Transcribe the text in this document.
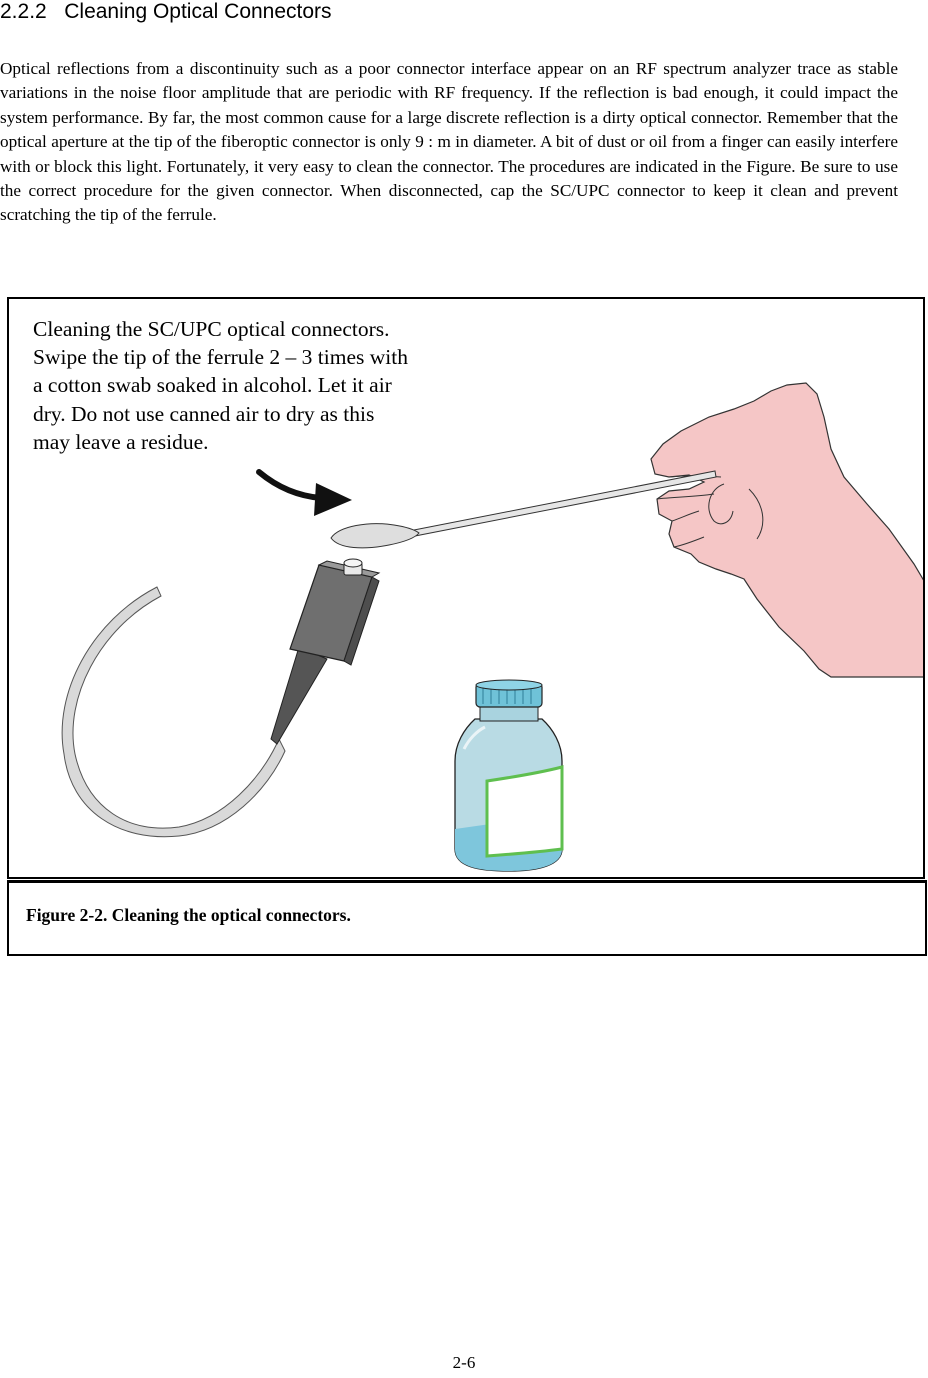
2.2.2 Cleaning Optical Connectors

Optical reflections from a discontinuity such as a poor connector interface appear on an RF spectrum analyzer trace as stable variations in the noise floor amplitude that are periodic with RF frequency. If the reflection is bad enough, it could impact the system performance. By far, the most common cause for a large discrete reflection is a dirty optical connector. Remember that the optical aperture at the tip of the fiberoptic connector is only 9 : m in diameter. A bit of dust or oil from a finger can easily interfere with or block this light. Fortunately, it very easy to clean the connector. The procedures are indicated in the Figure. Be sure to use the correct procedure for the given connector. When disconnected, cap the SC/UPC connector to keep it clean and prevent scratching the tip of the ferrule.

Cleaning the SC/UPC optical connectors.
Swipe the tip of the ferrule 2 – 3 times with
a cotton swab soaked in alcohol. Let it air
dry. Do not use canned air to dry as this
may leave a residue.
Figure 2-2. Cleaning the optical connectors.
2-6
